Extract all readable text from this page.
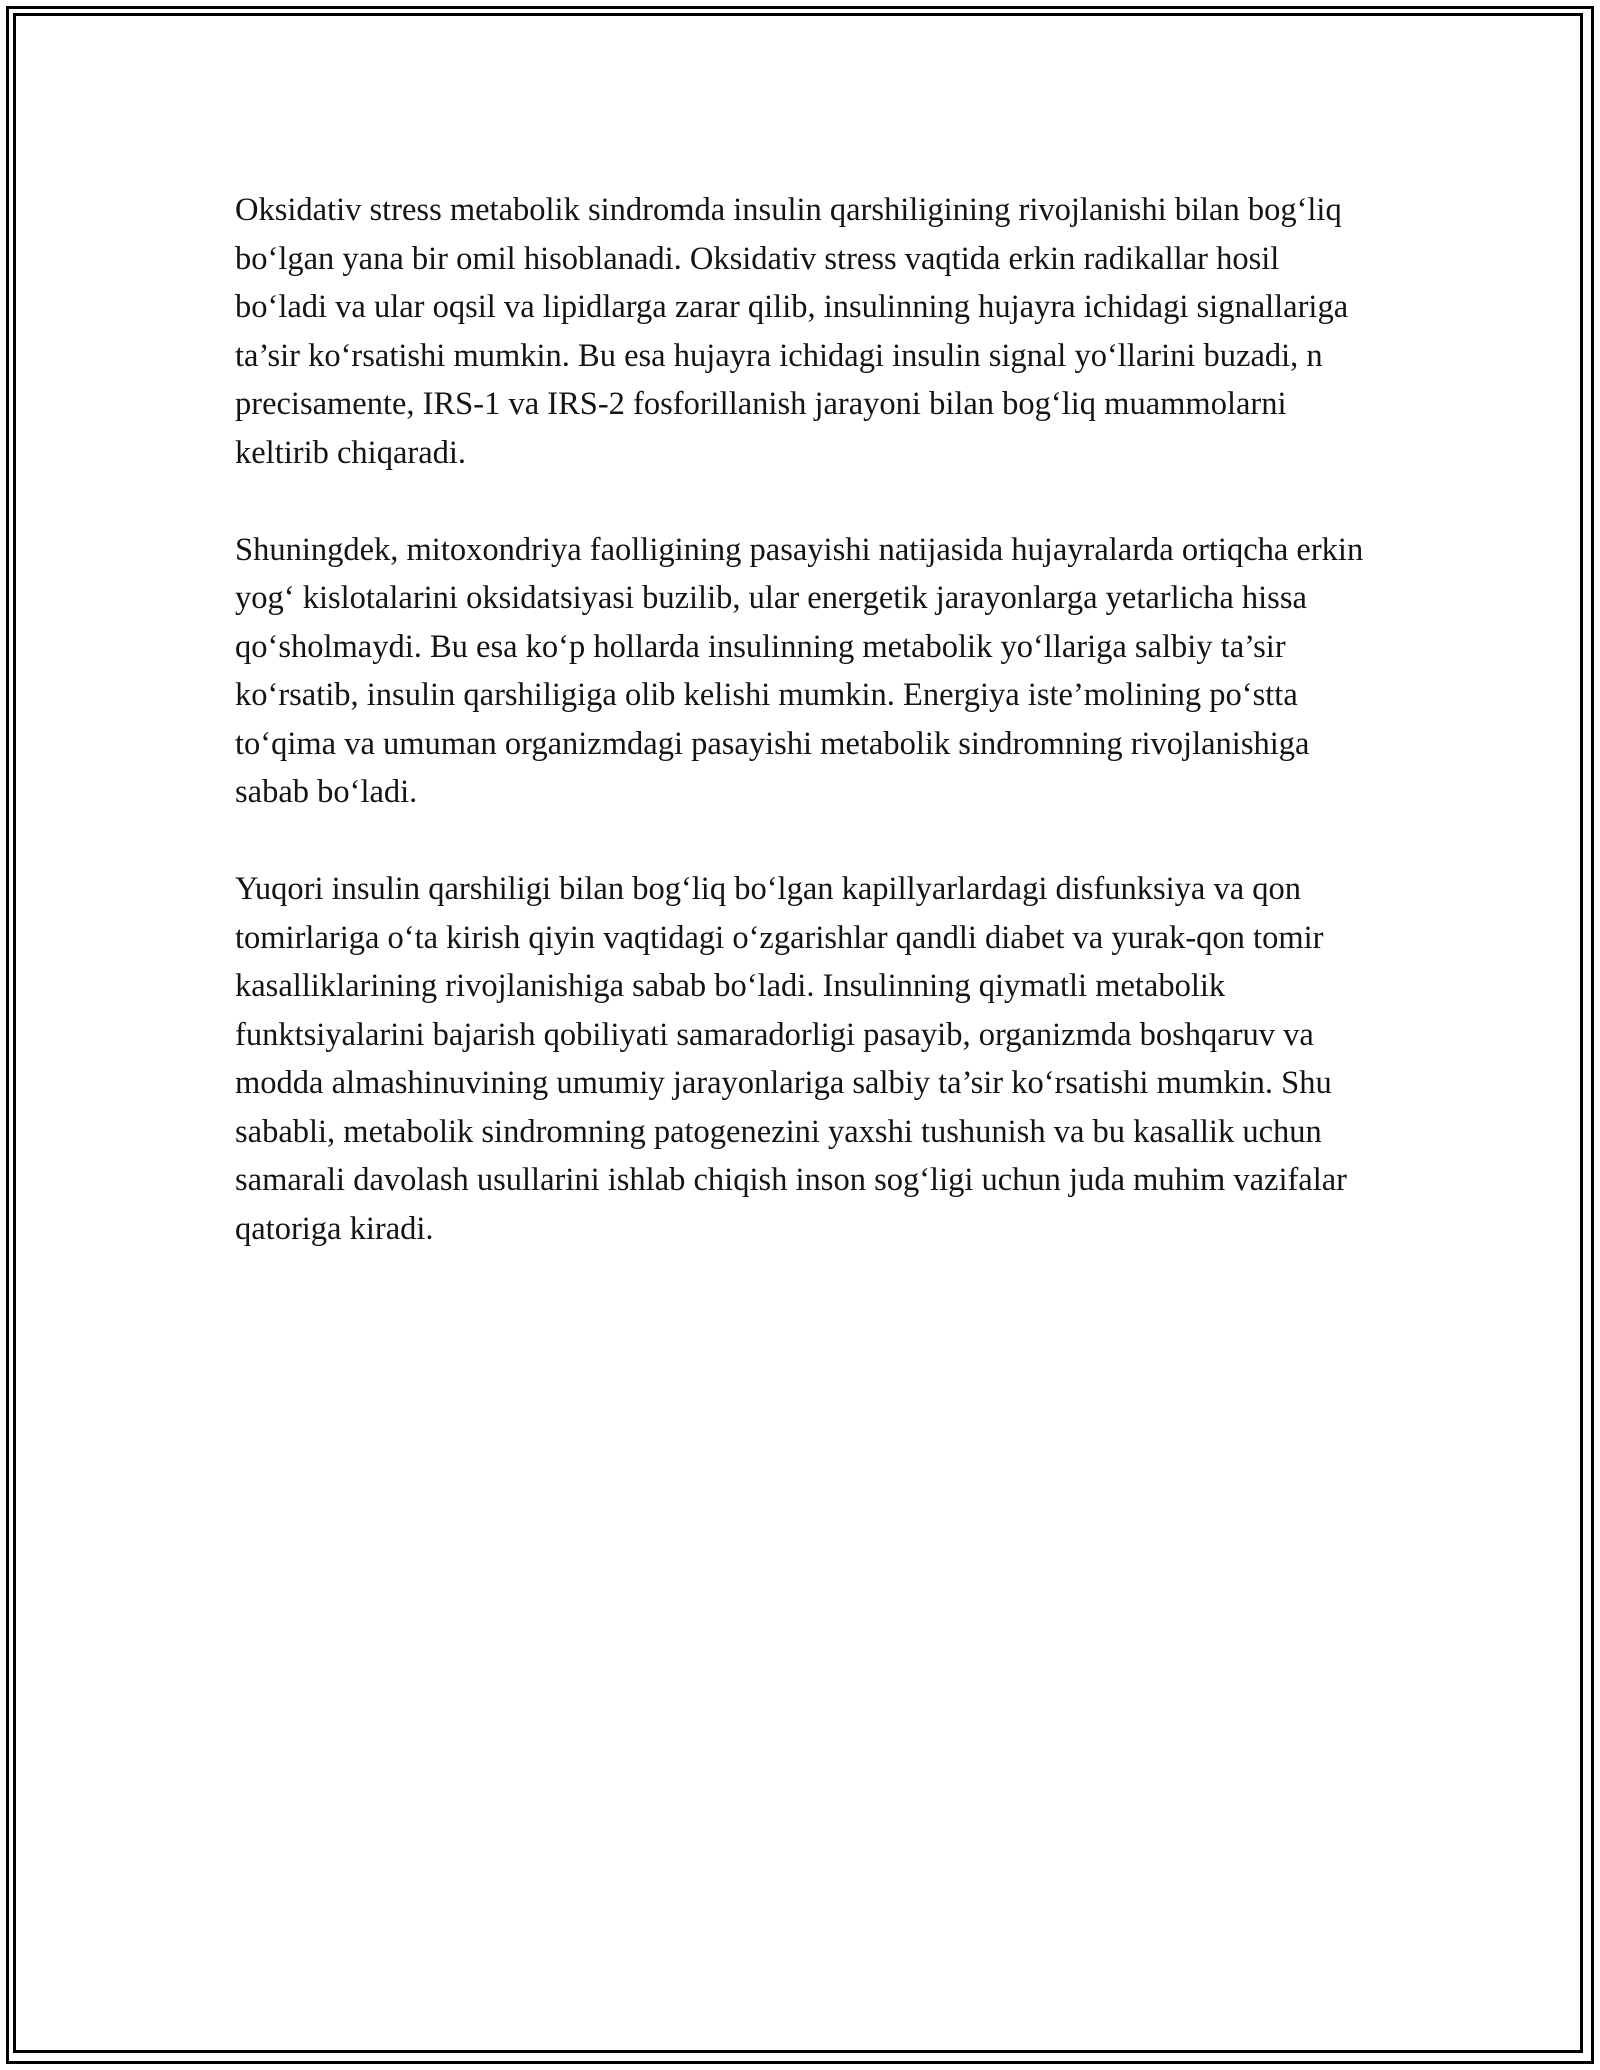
Oksidativ stress metabolik sindromda insulin qarshiligining rivojlanishi bilan bog‘liq bo‘lgan yana bir omil hisoblanadi. Oksidativ stress vaqtida erkin radikallar hosil bo‘ladi va ular oqsil va lipidlarga zarar qilib, insulinning hujayra ichidagi signallariga ta’sir ko‘rsatishi mumkin. Bu esa hujayra ichidagi insulin signal yo‘llarini buzadi, n precisamente, IRS-1 va IRS-2 fosforillanish jarayoni bilan bog‘liq muammolarni keltirib chiqaradi.

Shuningdek, mitoxondriya faolligining pasayishi natijasida hujayralarda ortiqcha erkin yog‘ kislotalarini oksidatsiyasi buzilib, ular energetik jarayonlarga yetarlicha hissa qo‘sholmaydi. Bu esa ko‘p hollarda insulinning metabolik yo‘llariga salbiy ta’sir ko‘rsatib, insulin qarshiligiga olib kelishi mumkin. Energiya iste’molining po‘stta to‘qima va umuman organizmdagi pasayishi metabolik sindromning rivojlanishiga sabab bo‘ladi.

Yuqori insulin qarshiligi bilan bog‘liq bo‘lgan kapillyarlardagi disfunksiya va qon tomirlariga o‘ta kirish qiyin vaqtidagi o‘zgarishlar qandli diabet va yurak-qon tomir kasalliklarining rivojlanishiga sabab bo‘ladi. Insulinning qiymatli metabolik funktsiyalarini bajarish qobiliyati samaradorligi pasayib, organizmda boshqaruv va modda almashinuvining umumiy jarayonlariga salbiy ta’sir ko‘rsatishi mumkin. Shu sababli, metabolik sindromning patogenezini yaxshi tushunish va bu kasallik uchun samarali davolash usullarini ishlab chiqish inson sog‘ligi uchun juda muhim vazifalar qatoriga kiradi.
